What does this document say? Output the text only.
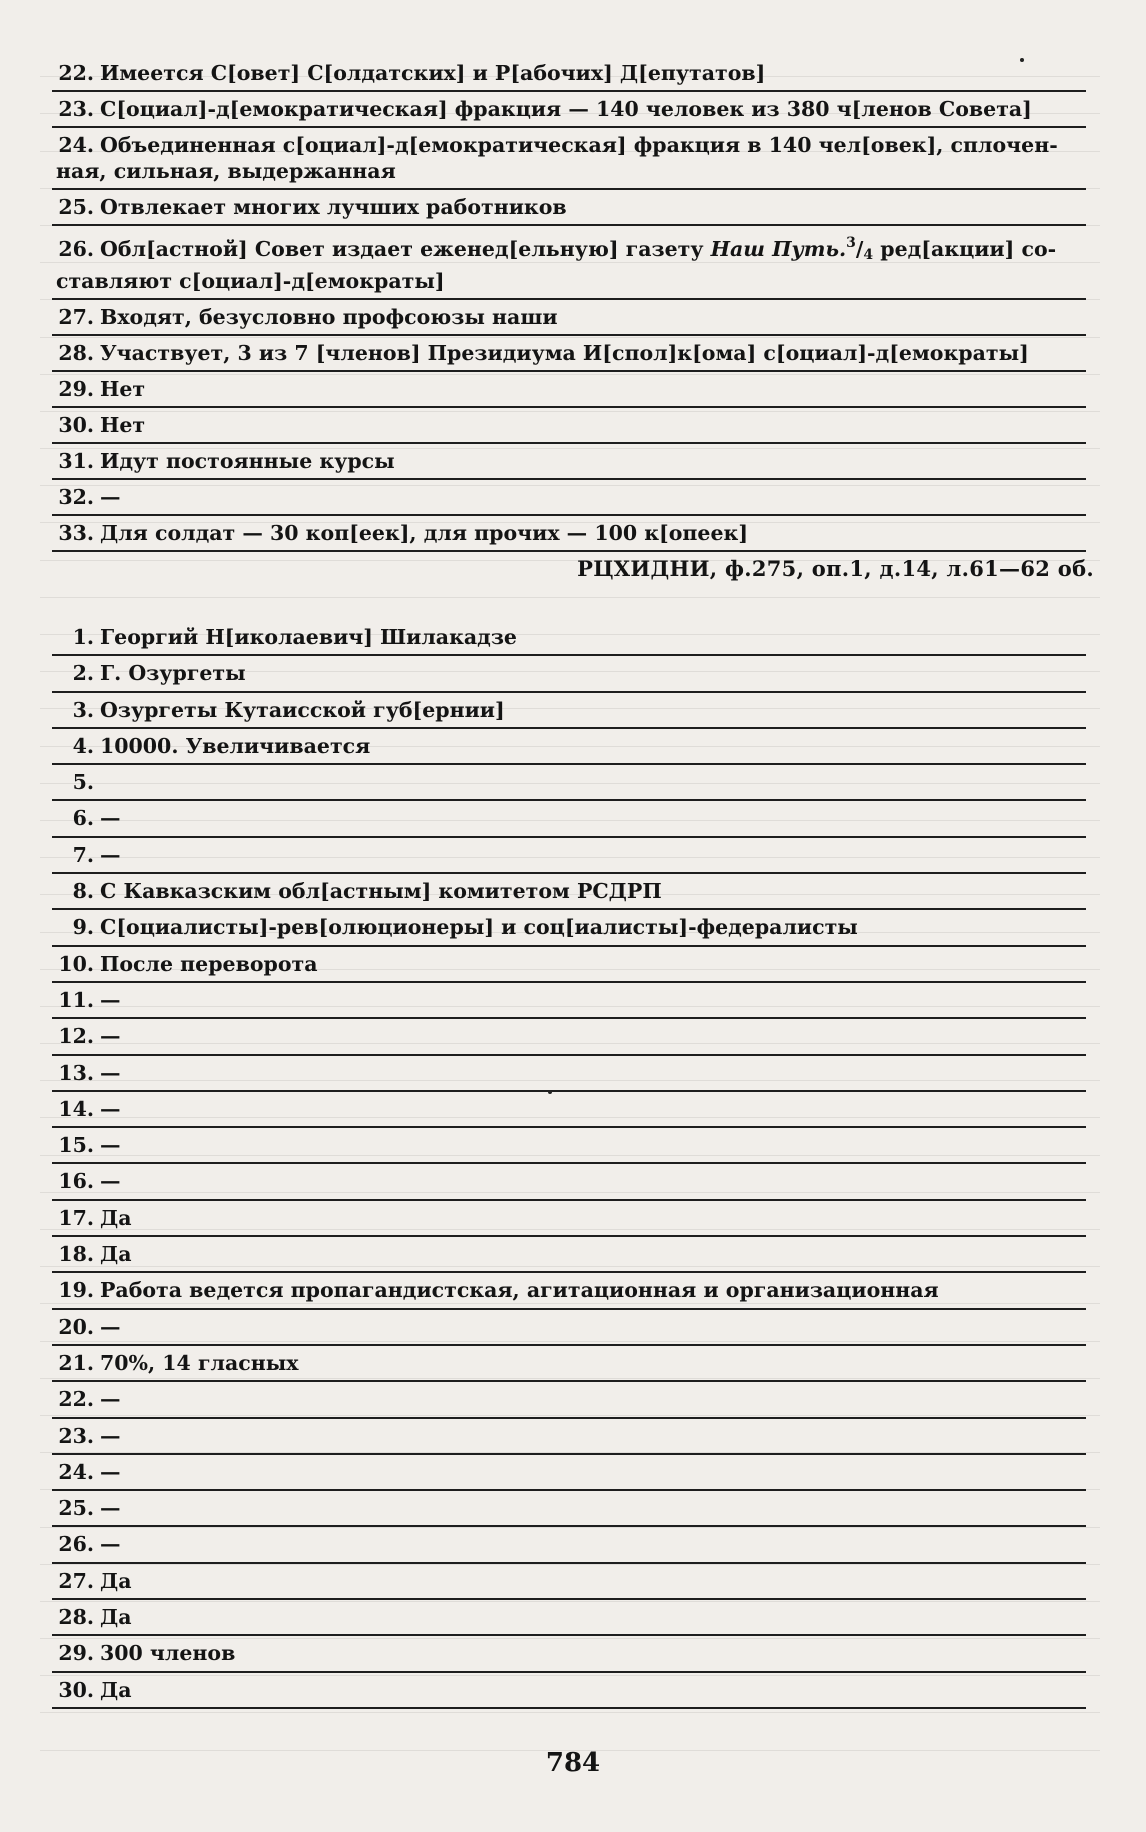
22. Имеется С[овет] С[олдатских] и Р[абочих] Д[епутатов]
23. С[оциал]-д[емократическая] фракция — 140 человек из 380 ч[ленов Совета]
24. Объединенная с[оциал]-д[емократическая] фракция в 140 чел[овек], сплочен-
ная, сильная, выдержанная
25. Отвлекает многих лучших работников
26. Обл[астной] Совет издает еженед[ельную] газету Наш $Путь.^3/_4$ ред[акции] со-
ставляют с[оциал]-д[емократы]
27. Входят, безусловно профсоюзы наши
28. Участвует, 3 из 7 [членов] Президиума И[спол]к[ома] с[оциал]-д[емократы]
29. Нет
30. Нет
31. Идут постоянные курсы
32. —
33. Для солдат — 30 коп[еек], для прочих — 100 к[опеек]
РЦХИДНИ, ф.275, оп.1, д.14, л.61—62 об.
1. Георгий Н[иколаевич] Шилакадзе
2. Г. Озургеты
3. Озургеты Кутаисской губ[ернии]
4. 10000. Увеличивается
5.
6. —
7. —
8. С Кавказским обл[астным] комитетом РСДРП
9. С[оциалисты]-рев[олюционеры] и соц[иалисты]-федералисты
10. После переворота
11. —
12. —
13. —
14. —
15. —
16. —
17. Да
18. Да
19. Работа ведется пропагандистская, агитационная и организационная
20. —
21. 70%, 14 гласных
22. —
23. —
24. —
25. —
26. —
27. Да
28. Да
29. 300 членов
30. Да
784
